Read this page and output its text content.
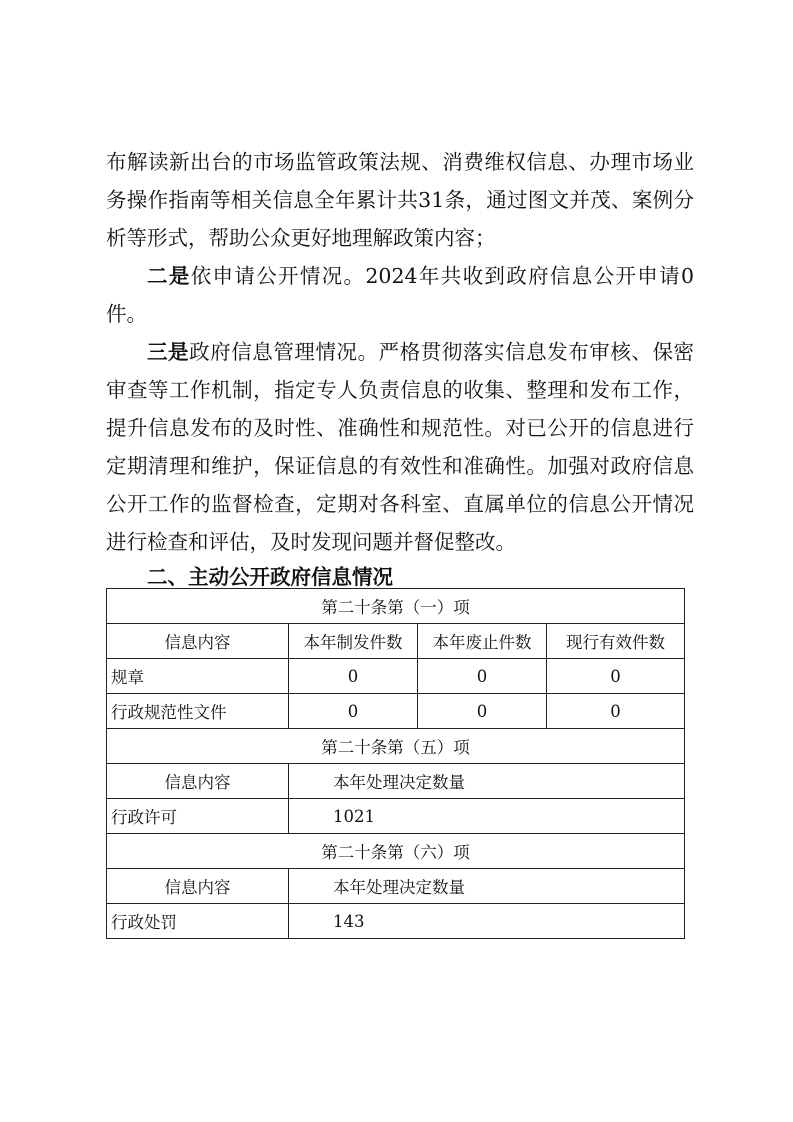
布解读新出台的市场监管政策法规、消费维权信息、办理市场业务操作指南等相关信息全年累计共31条，通过图文并茂、案例分析等形式，帮助公众更好地理解政策内容；

二是依申请公开情况。2024年共收到政府信息公开申请0件。

三是政府信息管理情况。严格贯彻落实信息发布审核、保密审查等工作机制，指定专人负责信息的收集、整理和发布工作，提升信息发布的及时性、准确性和规范性。对已公开的信息进行定期清理和维护，保证信息的有效性和准确性。加强对政府信息公开工作的监督检查，定期对各科室、直属单位的信息公开情况进行检查和评估，及时发现问题并督促整改。

二、主动公开政府信息情况
第二十条第（一）项			
信息内容	本年制发件数	本年废止件数	现行有效件数
规章	0	0	0
行政规范性文件	0	0	0
第二十条第（五）项			
信息内容	本年处理决定数量		
行政许可	1021		
第二十条第（六）项			
信息内容	本年处理决定数量		
行政处罚	143		
